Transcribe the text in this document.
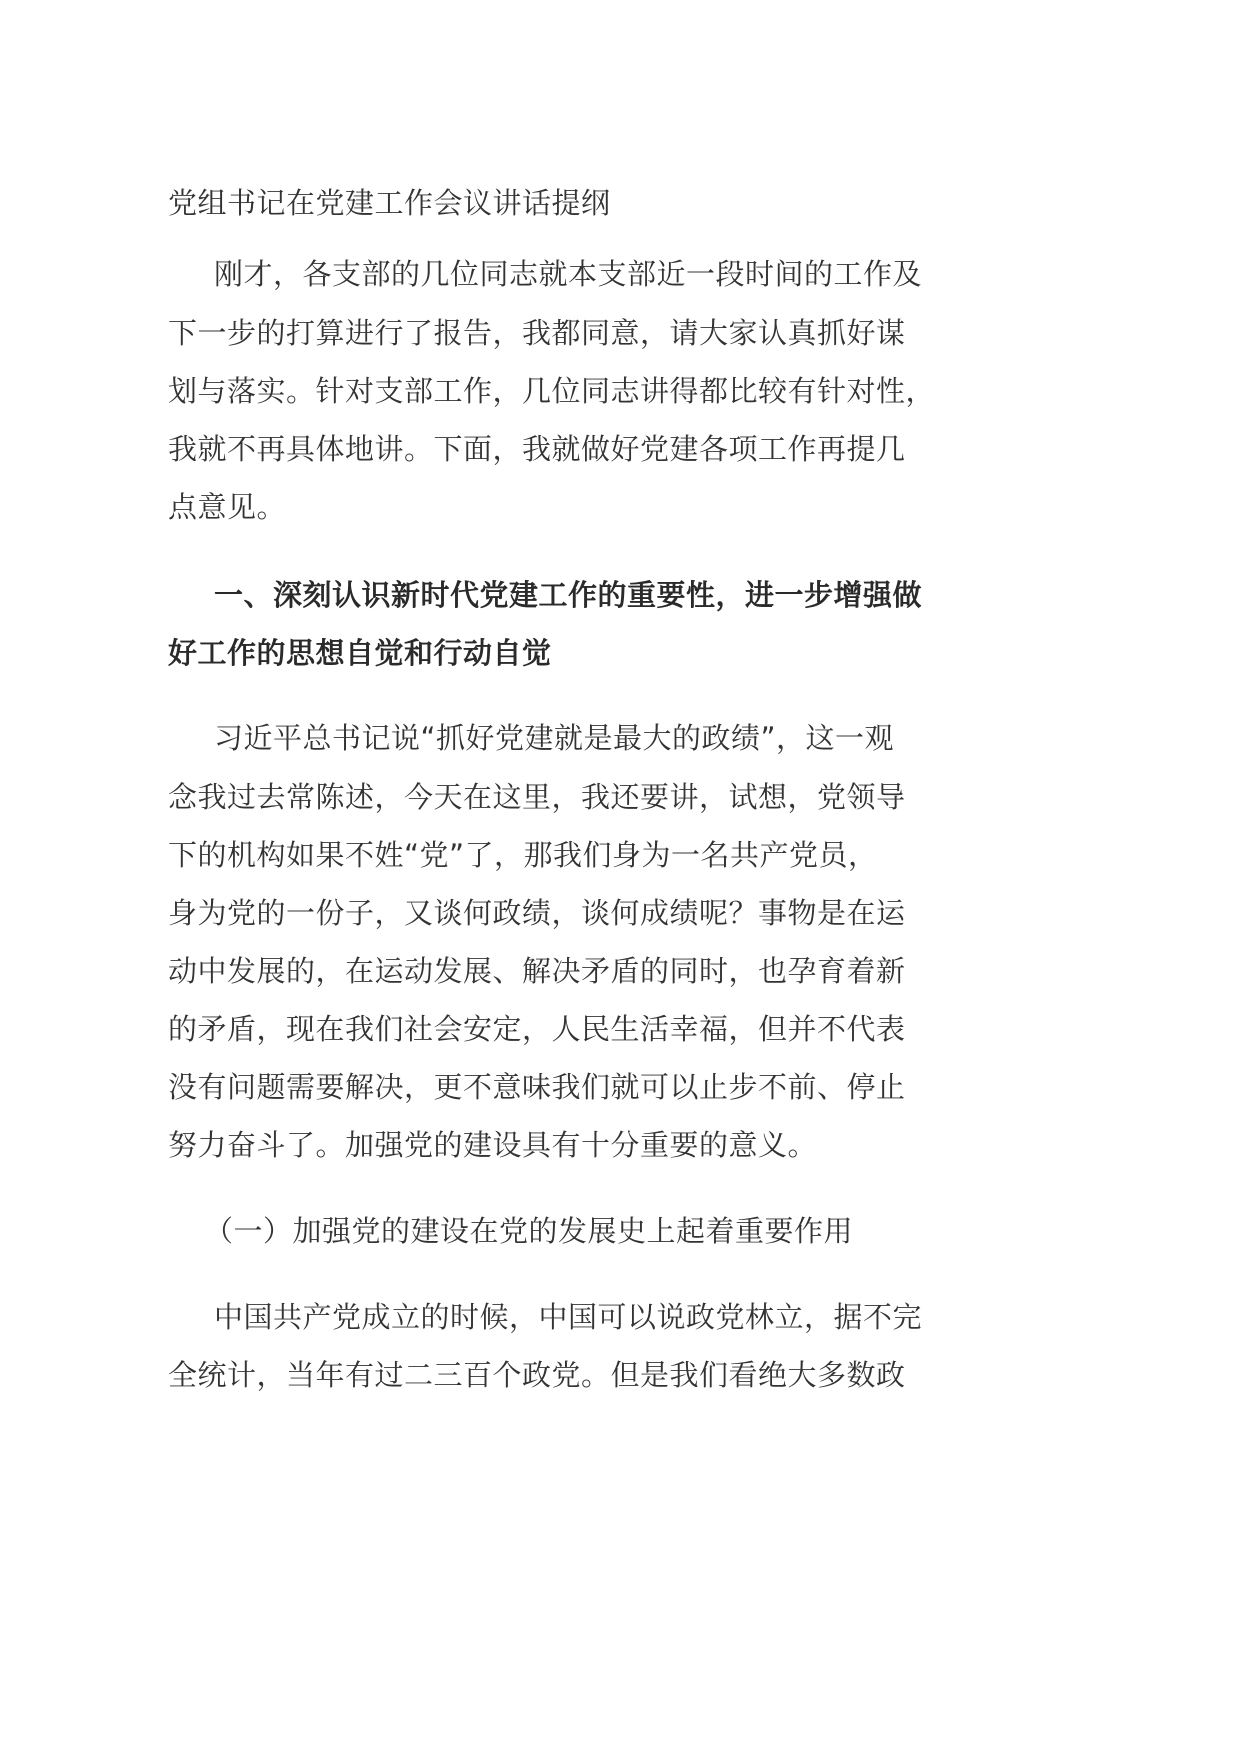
党组书记在党建工作会议讲话提纲
刚才，各支部的几位同志就本支部近一段时间的工作及
下一步的打算进行了报告，我都同意，请大家认真抓好谋
划与落实。针对支部工作，几位同志讲得都比较有针对性，
我就不再具体地讲。下面，我就做好党建各项工作再提几
点意见。
一、深刻认识新时代党建工作的重要性，进一步增强做
好工作的思想自觉和行动自觉
习近平总书记说“抓好党建就是最大的政绩”，这一观
念我过去常陈述，今天在这里，我还要讲，试想，党领导
下的机构如果不姓“党”了，那我们身为一名共产党员，
身为党的一份子，又谈何政绩，谈何成绩呢？事物是在运
动中发展的，在运动发展、解决矛盾的同时，也孕育着新
的矛盾，现在我们社会安定，人民生活幸福，但并不代表
没有问题需要解决，更不意味我们就可以止步不前、停止
努力奋斗了。加强党的建设具有十分重要的意义。
（一）加强党的建设在党的发展史上起着重要作用
中国共产党成立的时候，中国可以说政党林立，据不完
全统计，当年有过二三百个政党。但是我们看绝大多数政
